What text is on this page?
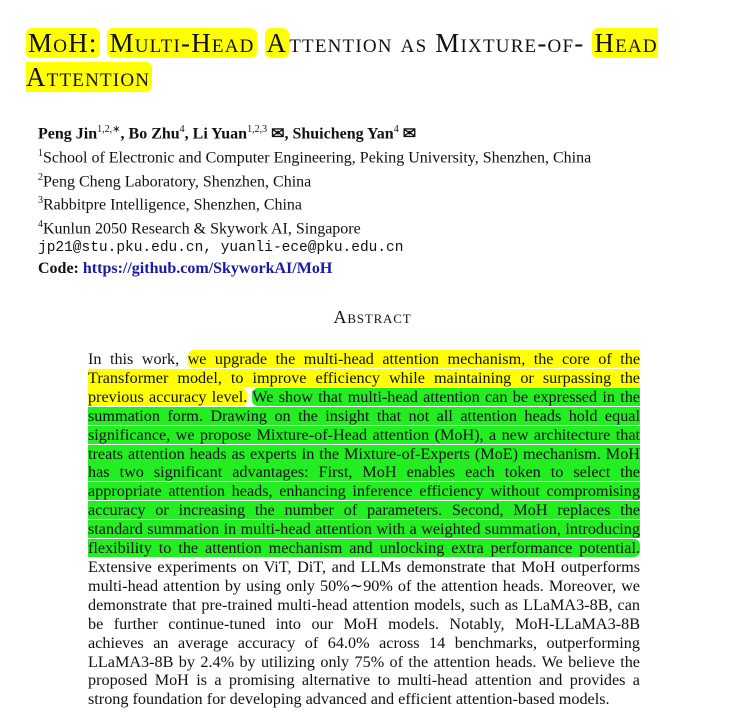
MoH: Multi-Head Attention as Mixture-of- Head Attention
Peng Jin$^{1,2,∗}$, Bo Zhu$^4$, Li Yuan$^{1,2,3}$ ✉, Shuicheng Yan$^4$ ✉
$^1$School of Electronic and Computer Engineering, Peking University, Shenzhen, China
$^2$Peng Cheng Laboratory, Shenzhen, China
$^3$Rabbitpre Intelligence, Shenzhen, China
$^4$Kunlun 2050 Research & Skywork AI, Singapore
jp21@stu.pku.edu.cn, yuanli-ece@pku.edu.cn
Code: https://github.com/SkyworkAI/MoH
Abstract
In this work, we upgrade the multi-head attention mechanism, the core of the Transformer model, to improve efficiency while maintaining or surpassing the previous accuracy level. We show that multi-head attention can be expressed in the summation form. Drawing on the insight that not all attention heads hold equal significance, we propose Mixture-of-Head attention (MoH), a new architecture that treats attention heads as experts in the Mixture-of-Experts (MoE) mechanism. MoH has two significant advantages: First, MoH enables each token to select the appropriate attention heads, enhancing inference efficiency without compromising accuracy or increasing the number of parameters. Second, MoH replaces the standard summation in multi-head attention with a weighted summation, introducing flexibility to the attention mechanism and unlocking extra performance potential. Extensive experiments on ViT, DiT, and LLMs demonstrate that MoH outperforms multi-head attention by using only 50%∼90% of the attention heads. Moreover, we demonstrate that pre-trained multi-head attention models, such as LLaMA3-8B, can be further continue-tuned into our MoH models. Notably, MoH-LLaMA3-8B achieves an average accuracy of 64.0% across 14 benchmarks, outperforming LLaMA3-8B by 2.4% by utilizing only 75% of the attention heads. We believe the proposed MoH is a promising alternative to multi-head attention and provides a strong foundation for developing advanced and efficient attention-based models.
